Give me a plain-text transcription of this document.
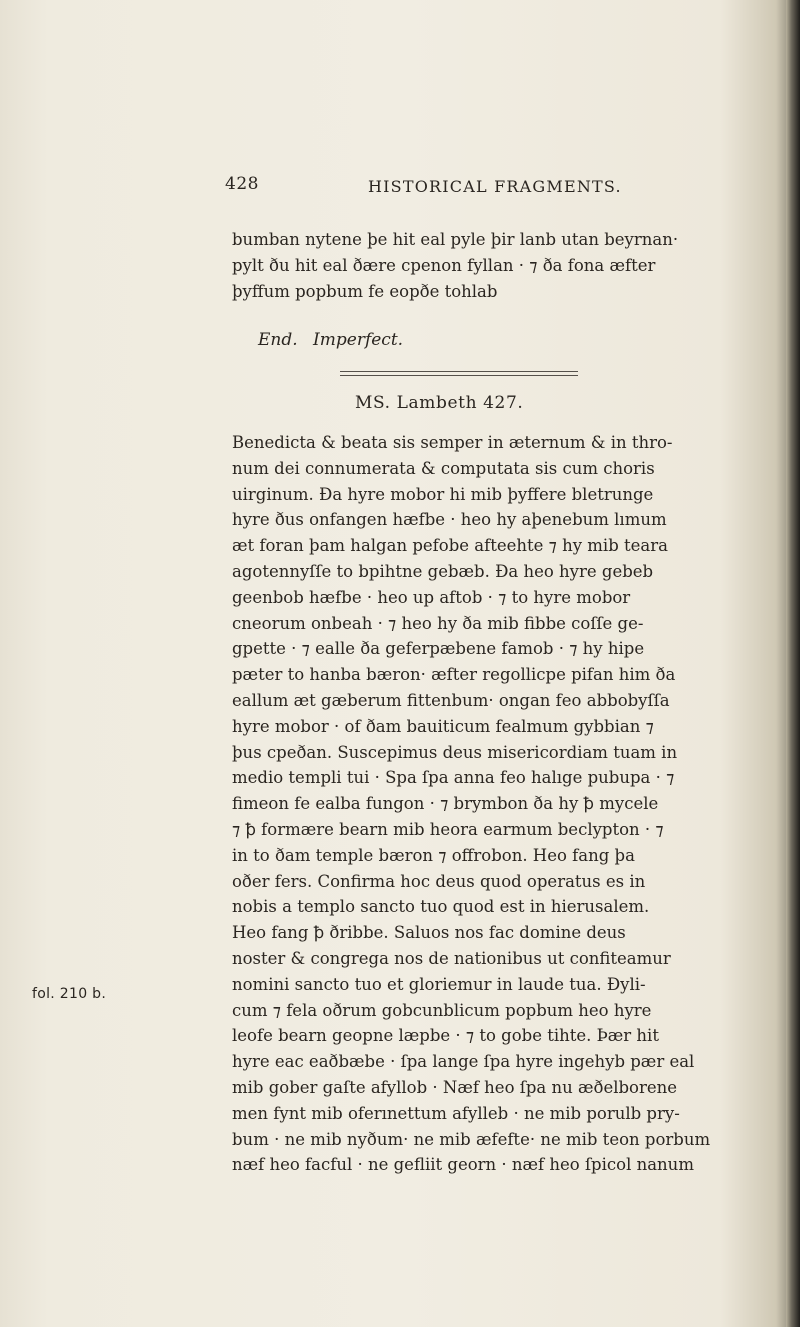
428	HISTORICAL FRAGMENTS.
bumban nytene þe hit eal pyle þir lanb utan beyrnan·
pylt ðu hit eal ðære cpenon fyllan · ⁊ ða fona æfter
þyffum popbum fe eopðe tohlab
End. Imperfect.
MS. Lambeth 427.
fol. 210 b.
Benedicta & beata sis semper in æternum & in thro-
num dei connumerata & computata sis cum choris
uirginum. Ða hyre mobor hi mib þyffere bletrunge
hyre ðus onfangen hæfbe · heo hy aþenebum lımum
æt foran þam halgan pefobe afteehte ⁊ hy mib teara
agotennyſſe to bpihtne gebæb. Ða heo hyre gebeb
geenbob hæfbe · heo up aftob · ⁊ to hyre mobor
cneorum onbeah · ⁊ heo hy ða mib fibbe coſſe ge-
gpette · ⁊ ealle ða geferpæbene famob · ⁊ hy hipe
pæter to hanba bæron· æfter regollicpe pifan him ða
eallum æt gæberum fittenbum· ongan feo abbobyſſa
hyre mobor · of ðam bauiticum fealmum gybbian ⁊
þus cpeðan. Suscepimus deus misericordiam tuam in
medio templi tui · Spa ſpa anna feo halıge pubupa · ⁊
fimeon fe ealba fungon · ⁊ brymbon ða hy ꝥ mycele
⁊ ꝥ formære bearn mib heora earmum beclypton · ⁊
in to ðam temple bæron ⁊ offrobon. Heo fang þa
oðer fers. Confirma hoc deus quod operatus es in
nobis a templo sancto tuo quod est in hierusalem.
Heo fang ꝥ ðribbe. Saluos nos fac domine deus
noster & congrega nos de nationibus ut confiteamur
nomini sancto tuo et gloriemur in laude tua. Ðyli-
cum ⁊ fela oðrum gobcunblicum popbum heo hyre
leofe bearn geopne læpbe · ⁊ to gobe tihte. Þær hit
hyre eac eaðbæbe · ſpa lange ſpa hyre ingehyb pær eal
mib gober gaſte afyllob · Næf heo ſpa nu æðelborene
men fynt mib oferınettum afylleb · ne mib porulb pry-
bum · ne mib nyðum· ne mib æfefte· ne mib teon porbum
næf heo facful · ne gefliit georn · næf heo ſpicol nanum
